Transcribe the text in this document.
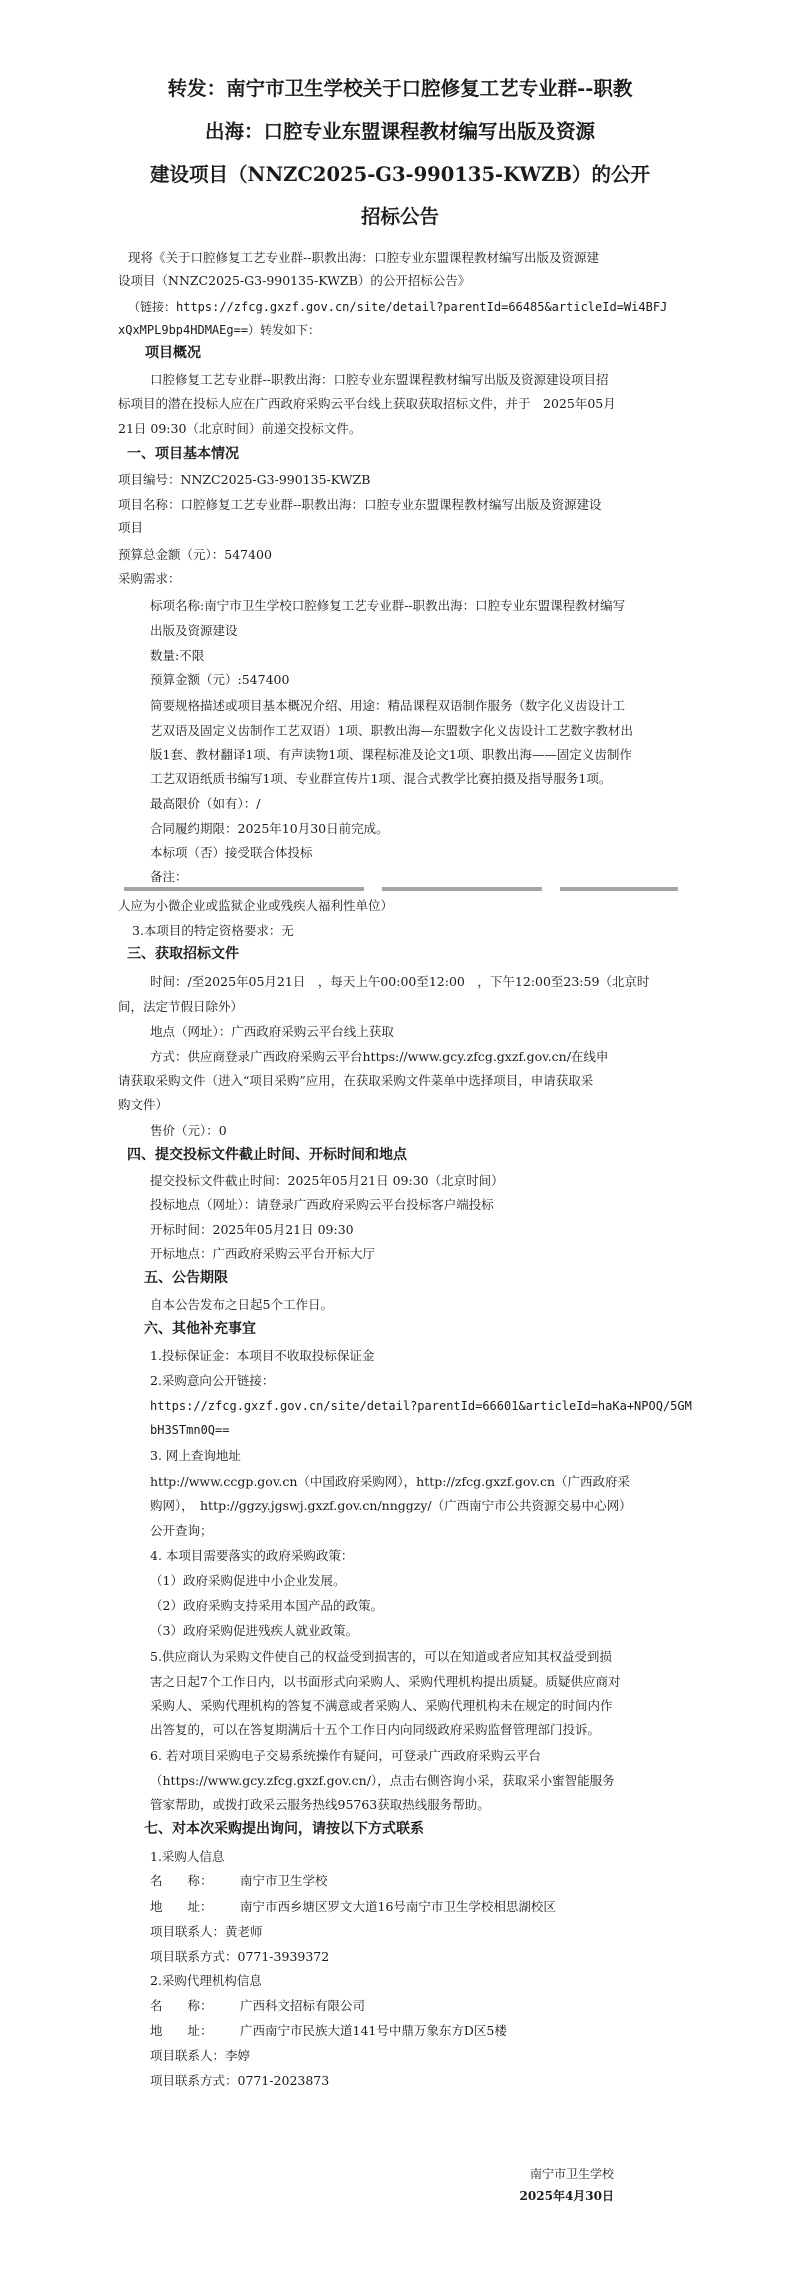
转发：南宁市卫生学校关于口腔修复工艺专业群--职教
出海：口腔专业东盟课程教材编写出版及资源
建设项目（NNZC2025-G3-990135-KWZB）的公开
招标公告
现将《关于口腔修复工艺专业群--职教出海：口腔专业东盟课程教材编写出版及资源建
设项目（NNZC2025-G3-990135-KWZB）的公开招标公告》
（链接：https://zfcg.gxzf.gov.cn/site/detail?parentId=66485&articleId=Wi4BFJ
xQxMPL9bp4HDMAEg==）转发如下：
项目概况
口腔修复工艺专业群--职教出海：口腔专业东盟课程教材编写出版及资源建设项目招
标项目的潜在投标人应在广西政府采购云平台线上获取获取招标文件，并于　2025年05月
21日 09:30（北京时间）前递交投标文件。
一、项目基本情况
项目编号：NNZC2025-G3-990135-KWZB
项目名称：口腔修复工艺专业群--职教出海：口腔专业东盟课程教材编写出版及资源建设
项目
预算总金额（元）：547400
采购需求：
标项名称:南宁市卫生学校口腔修复工艺专业群--职教出海：口腔专业东盟课程教材编写
出版及资源建设
数量:不限
预算金额（元）:547400
简要规格描述或项目基本概况介绍、用途：精品课程双语制作服务（数字化义齿设计工
艺双语及固定义齿制作工艺双语）1项、职教出海—东盟数字化义齿设计工艺数字教材出
版1套、教材翻译1项、有声读物1项、课程标准及论文1项、职教出海——固定义齿制作
工艺双语纸质书编写1项、专业群宣传片1项、混合式教学比赛拍摄及指导服务1项。
最高限价（如有）：/
合同履约期限：2025年10月30日前完成。
本标项（否）接受联合体投标
备注：
人应为小微企业或监狱企业或残疾人福利性单位）
3.本项目的特定资格要求：无
三、获取招标文件
时间：/至2025年05月21日　，每天上午00:00至12:00　，下午12:00至23:59（北京时
间，法定节假日除外）
地点（网址）：广西政府采购云平台线上获取
方式：供应商登录广西政府采购云平台https://www.gcy.zfcg.gxzf.gov.cn/在线申
请获取采购文件（进入“项目采购”应用，在获取采购文件菜单中选择项目，申请获取采
购文件）
售价（元）：0
四、提交投标文件截止时间、开标时间和地点
提交投标文件截止时间：2025年05月21日 09:30（北京时间）
投标地点（网址）：请登录广西政府采购云平台投标客户端投标
开标时间：2025年05月21日 09:30
开标地点：广西政府采购云平台开标大厅
五、公告期限
自本公告发布之日起5个工作日。
六、其他补充事宜
1.投标保证金：本项目不收取投标保证金
2.采购意向公开链接：
https://zfcg.gxzf.gov.cn/site/detail?parentId=66601&articleId=haKa+NPOQ/5GM
bH3STmn0Q==
3. 网上查询地址
http://www.ccgp.gov.cn（中国政府采购网），http://zfcg.gxzf.gov.cn（广西政府采
购网），　http://ggzy.jgswj.gxzf.gov.cn/nnggzy/（广西南宁市公共资源交易中心网）
公开查询；
4. 本项目需要落实的政府采购政策：
（1）政府采购促进中小企业发展。
（2）政府采购支持采用本国产品的政策。
（3）政府采购促进残疾人就业政策。
5.供应商认为采购文件使自己的权益受到损害的，可以在知道或者应知其权益受到损
害之日起7个工作日内，以书面形式向采购人、采购代理机构提出质疑。质疑供应商对
采购人、采购代理机构的答复不满意或者采购人、采购代理机构未在规定的时间内作
出答复的，可以在答复期满后十五个工作日内向同级政府采购监督管理部门投诉。
6. 若对项目采购电子交易系统操作有疑问，可登录广西政府采购云平台
（https://www.gcy.zfcg.gxzf.gov.cn/），点击右侧咨询小采，获取采小蜜智能服务
管家帮助，或拨打政采云服务热线95763获取热线服务帮助。
七、对本次采购提出询问，请按以下方式联系
1.采购人信息
名　　称： 南宁市卫生学校
地　　址： 南宁市西乡塘区罗文大道16号南宁市卫生学校相思湖校区
项目联系人：黄老师
项目联系方式：0771-3939372
2.采购代理机构信息
名　　称： 广西科文招标有限公司
地　　址： 广西南宁市民族大道141号中鼎万象东方D区5楼
项目联系人：李婷
项目联系方式：0771-2023873
南宁市卫生学校
2025年4月30日
